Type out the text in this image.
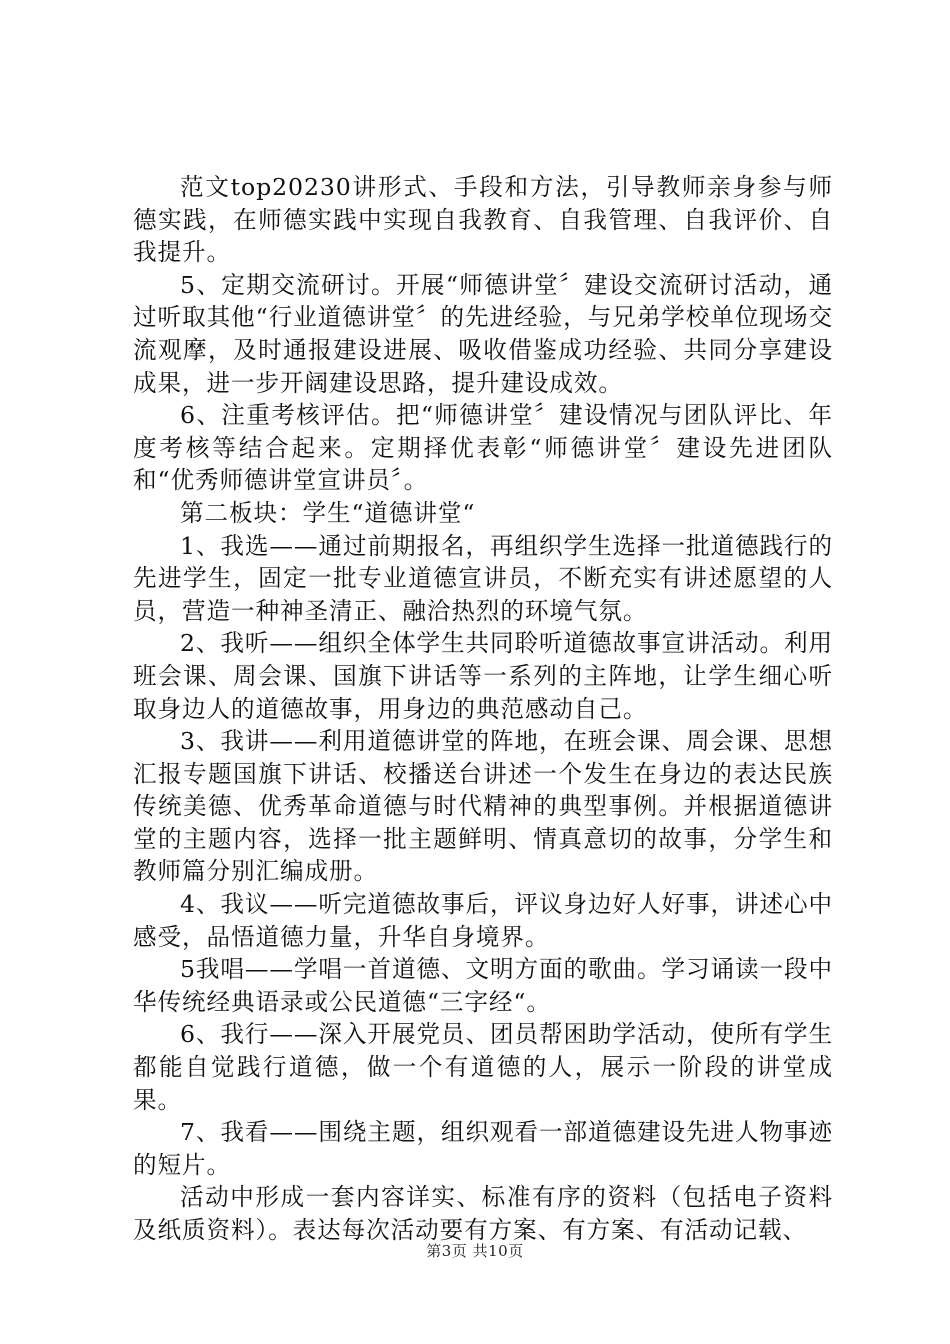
范文top20230讲形式、手段和方法，引导教师亲身参与师德实践，在师德实践中实现自我教育、自我管理、自我评价、自我提升。

5、定期交流研讨。开展“师德讲堂〞建设交流研讨活动，通过听取其他“行业道德讲堂〞的先进经验，与兄弟学校单位现场交流观摩，及时通报建设进展、吸收借鉴成功经验、共同分享建设成果，进一步开阔建设思路，提升建设成效。

6、注重考核评估。把“师德讲堂〞建设情况与团队评比、年度考核等结合起来。定期择优表彰“师德讲堂〞建设先进团队和“优秀师德讲堂宣讲员〞。

第二板块：学生“道德讲堂“

1、我选——通过前期报名，再组织学生选择一批道德践行的先进学生，固定一批专业道德宣讲员，不断充实有讲述愿望的人员，营造一种神圣清正、融洽热烈的环境气氛。

2、我听——组织全体学生共同聆听道德故事宣讲活动。利用班会课、周会课、国旗下讲话等一系列的主阵地，让学生细心听取身边人的道德故事，用身边的典范感动自己。

3、我讲——利用道德讲堂的阵地，在班会课、周会课、思想汇报专题国旗下讲话、校播送台讲述一个发生在身边的表达民族传统美德、优秀革命道德与时代精神的典型事例。并根据道德讲堂的主题内容，选择一批主题鲜明、情真意切的故事，分学生和教师篇分别汇编成册。

4、我议——听完道德故事后，评议身边好人好事，讲述心中感受，品悟道德力量，升华自身境界。

5我唱——学唱一首道德、文明方面的歌曲。学习诵读一段中华传统经典语录或公民道德“三字经“。

6、我行——深入开展党员、团员帮困助学活动，使所有学生都能自觉践行道德，做一个有道德的人，展示一阶段的讲堂成果。

7、我看——围绕主题，组织观看一部道德建设先进人物事迹的短片。

活动中形成一套内容详实、标准有序的资料（包括电子资料及纸质资料）。表达每次活动要有方案、有方案、有活动记载、

第3页 共10页
